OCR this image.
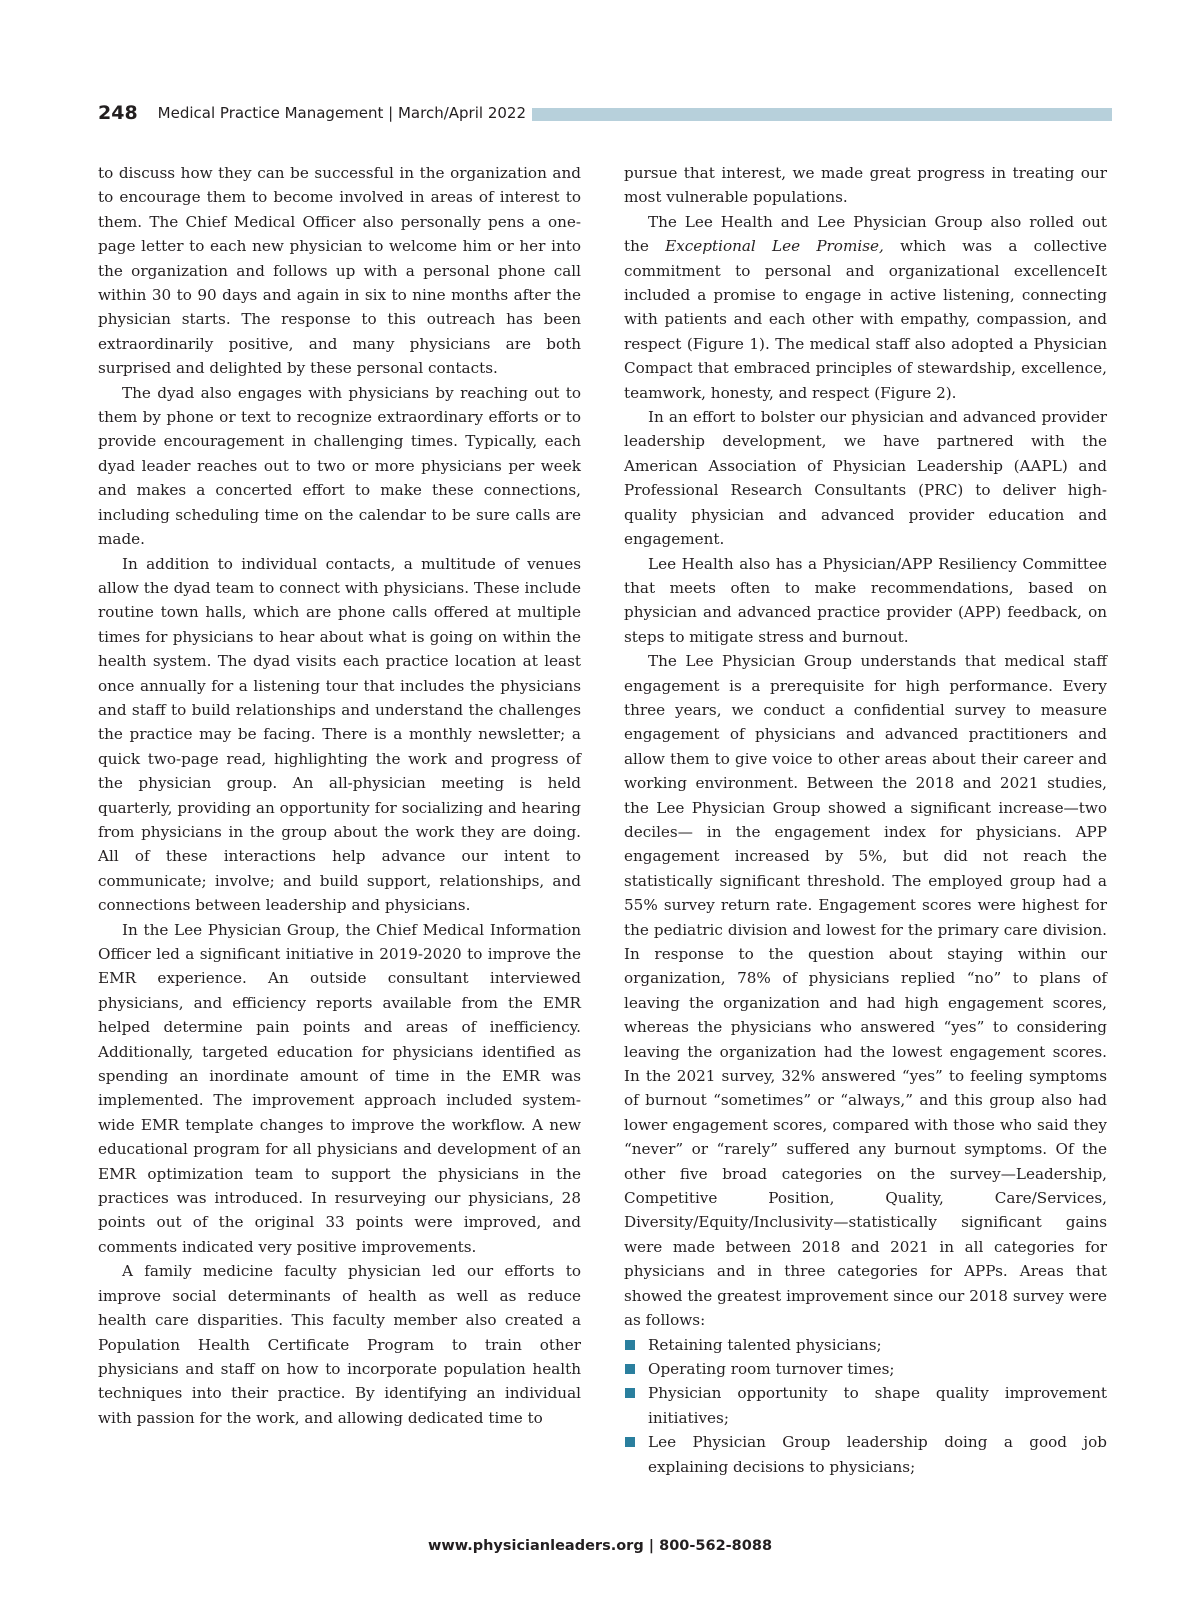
248 Medical Practice Management | March/April 2022

to discuss how they can be successful in the organization and to encourage them to become involved in areas of interest to them. The Chief Medical Officer also personally pens a one-page letter to each new physician to welcome him or her into the organization and follows up with a personal phone call within 30 to 90 days and again in six to nine months after the physician starts. The response to this outreach has been extraordinarily positive, and many physicians are both surprised and delighted by these personal contacts.

The dyad also engages with physicians by reaching out to them by phone or text to recognize extraordinary efforts or to provide encouragement in challenging times. Typically, each dyad leader reaches out to two or more physicians per week and makes a concerted effort to make these connections, including scheduling time on the calendar to be sure calls are made.

In addition to individual contacts, a multitude of venues allow the dyad team to connect with physicians. These include routine town halls, which are phone calls offered at multiple times for physicians to hear about what is going on within the health system. The dyad visits each practice location at least once annually for a listening tour that includes the physicians and staff to build relationships and understand the challenges the practice may be facing. There is a monthly newsletter; a quick two-page read, highlighting the work and progress of the physician group. An all-physician meeting is held quarterly, providing an opportunity for socializing and hearing from physicians in the group about the work they are doing. All of these interactions help advance our intent to communicate; involve; and build support, relationships, and connections between leadership and physicians.

In the Lee Physician Group, the Chief Medical Information Officer led a significant initiative in 2019-2020 to improve the EMR experience. An outside consultant interviewed physicians, and efficiency reports available from the EMR helped determine pain points and areas of inefficiency. Additionally, targeted education for physicians identified as spending an inordinate amount of time in the EMR was implemented. The improvement approach included system-wide EMR template changes to improve the workflow. A new educational program for all physicians and development of an EMR optimization team to support the physicians in the practices was introduced. In resurveying our physicians, 28 points out of the original 33 points were improved, and comments indicated very positive improvements.

A family medicine faculty physician led our efforts to improve social determinants of health as well as reduce health care disparities. This faculty member also created a Population Health Certificate Program to train other physicians and staff on how to incorporate population health techniques into their practice. By identifying an individual with passion for the work, and allowing dedicated time to

pursue that interest, we made great progress in treating our most vulnerable populations.

The Lee Health and Lee Physician Group also rolled out the Exceptional Lee Promise, which was a collective commitment to personal and organizational excellenceIt included a promise to engage in active listening, connecting with patients and each other with empathy, compassion, and respect (Figure 1). The medical staff also adopted a Physician Compact that embraced principles of stewardship, excellence, teamwork, honesty, and respect (Figure 2).

In an effort to bolster our physician and advanced provider leadership development, we have partnered with the American Association of Physician Leadership (AAPL) and Professional Research Consultants (PRC) to deliver high-quality physician and advanced provider education and engagement.

Lee Health also has a Physician/APP Resiliency Committee that meets often to make recommendations, based on physician and advanced practice provider (APP) feedback, on steps to mitigate stress and burnout.

The Lee Physician Group understands that medical staff engagement is a prerequisite for high performance. Every three years, we conduct a confidential survey to measure engagement of physicians and advanced practitioners and allow them to give voice to other areas about their career and working environment. Between the 2018 and 2021 studies, the Lee Physician Group showed a significant increase—two deciles— in the engagement index for physicians. APP engagement increased by 5%, but did not reach the statistically significant threshold. The employed group had a 55% survey return rate. Engagement scores were highest for the pediatric division and lowest for the primary care division. In response to the question about staying within our organization, 78% of physicians replied “no” to plans of leaving the organization and had high engagement scores, whereas the physicians who answered “yes” to considering leaving the organization had the lowest engagement scores. In the 2021 survey, 32% answered “yes” to feeling symptoms of burnout “sometimes” or “always,” and this group also had lower engagement scores, compared with those who said they “never” or “rarely” suffered any burnout symptoms. Of the other five broad categories on the survey—Leadership, Competitive Position, Quality, Care/Services, Diversity/Equity/Inclusivity—statistically significant gains were made between 2018 and 2021 in all categories for physicians and in three categories for APPs. Areas that showed the greatest improvement since our 2018 survey were as follows:

Retaining talented physicians;
Operating room turnover times;
Physician opportunity to shape quality improvement initiatives;
Lee Physician Group leadership doing a good job explaining decisions to physicians;
www.physicianleaders.org | 800-562-8088
